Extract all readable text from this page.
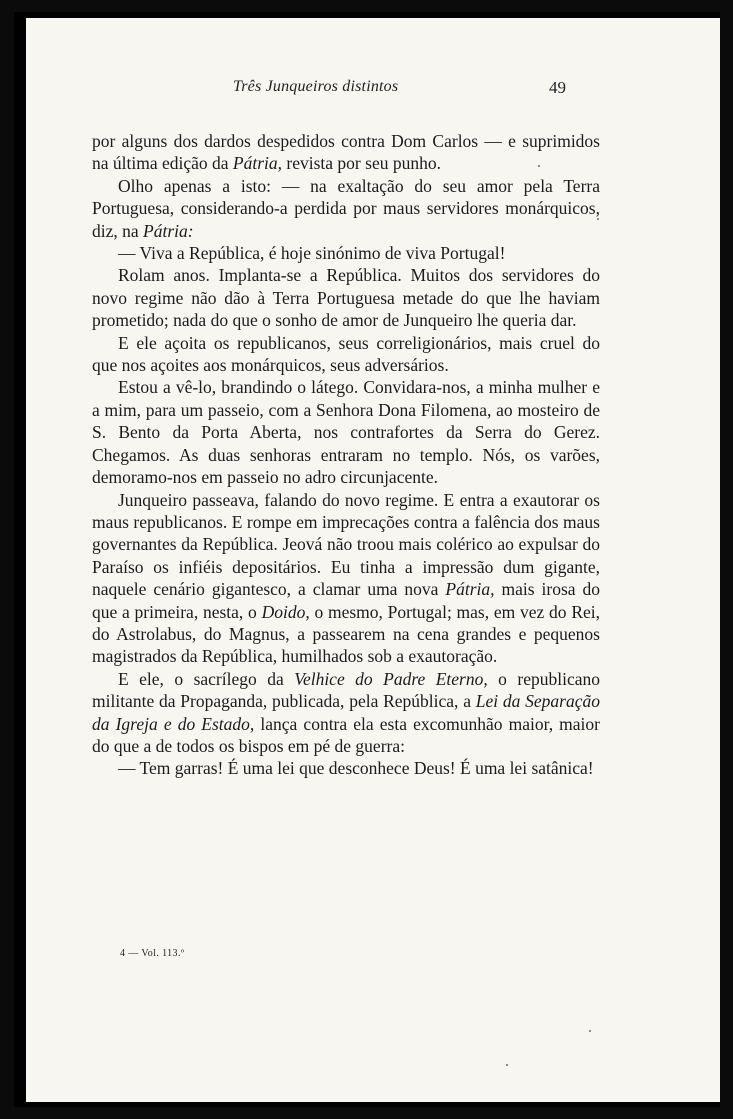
Três Junqueiros distintos	49

por alguns dos dardos despedidos contra Dom Carlos — e suprimidos na última edição da Pátria, revista por seu punho.

Olho apenas a isto: — na exaltação do seu amor pela Terra Portuguesa, considerando-a perdida por maus servidores monárquicos, diz, na Pátria:

— Viva a República, é hoje sinónimo de viva Portugal!

Rolam anos. Implanta-se a República. Muitos dos servidores do novo regime não dão à Terra Portuguesa metade do que lhe haviam prometido; nada do que o sonho de amor de Junqueiro lhe queria dar.

E ele açoita os republicanos, seus correligionários, mais cruel do que nos açoites aos monárquicos, seus adversários.

Estou a vê-lo, brandindo o látego. Convidara-nos, a minha mulher e a mim, para um passeio, com a Senhora Dona Filomena, ao mosteiro de S. Bento da Porta Aberta, nos contrafortes da Serra do Gerez. Chegamos. As duas senhoras entraram no templo. Nós, os varões, demoramo-nos em passeio no adro circunjacente.

Junqueiro passeava, falando do novo regime. E entra a exautorar os maus republicanos. E rompe em imprecações contra a falência dos maus governantes da República. Jeová não troou mais colérico ao expulsar do Paraíso os infiéis depositários. Eu tinha a impressão dum gigante, naquele cenário gigantesco, a clamar uma nova Pátria, mais irosa do que a primeira, nesta, o Doido, o mesmo, Portugal; mas, em vez do Rei, do Astrolabus, do Magnus, a passearem na cena grandes e pequenos magistrados da República, humilhados sob a exautoração.

E ele, o sacrílego da Velhice do Padre Eterno, o republicano militante da Propaganda, publicada, pela República, a Lei da Separação da Igreja e do Estado, lança contra ela esta excomunhão maior, maior do que a de todos os bispos em pé de guerra:

— Tem garras! É uma lei que desconhece Deus! É uma lei satânica!

4 — Vol. 113.º
